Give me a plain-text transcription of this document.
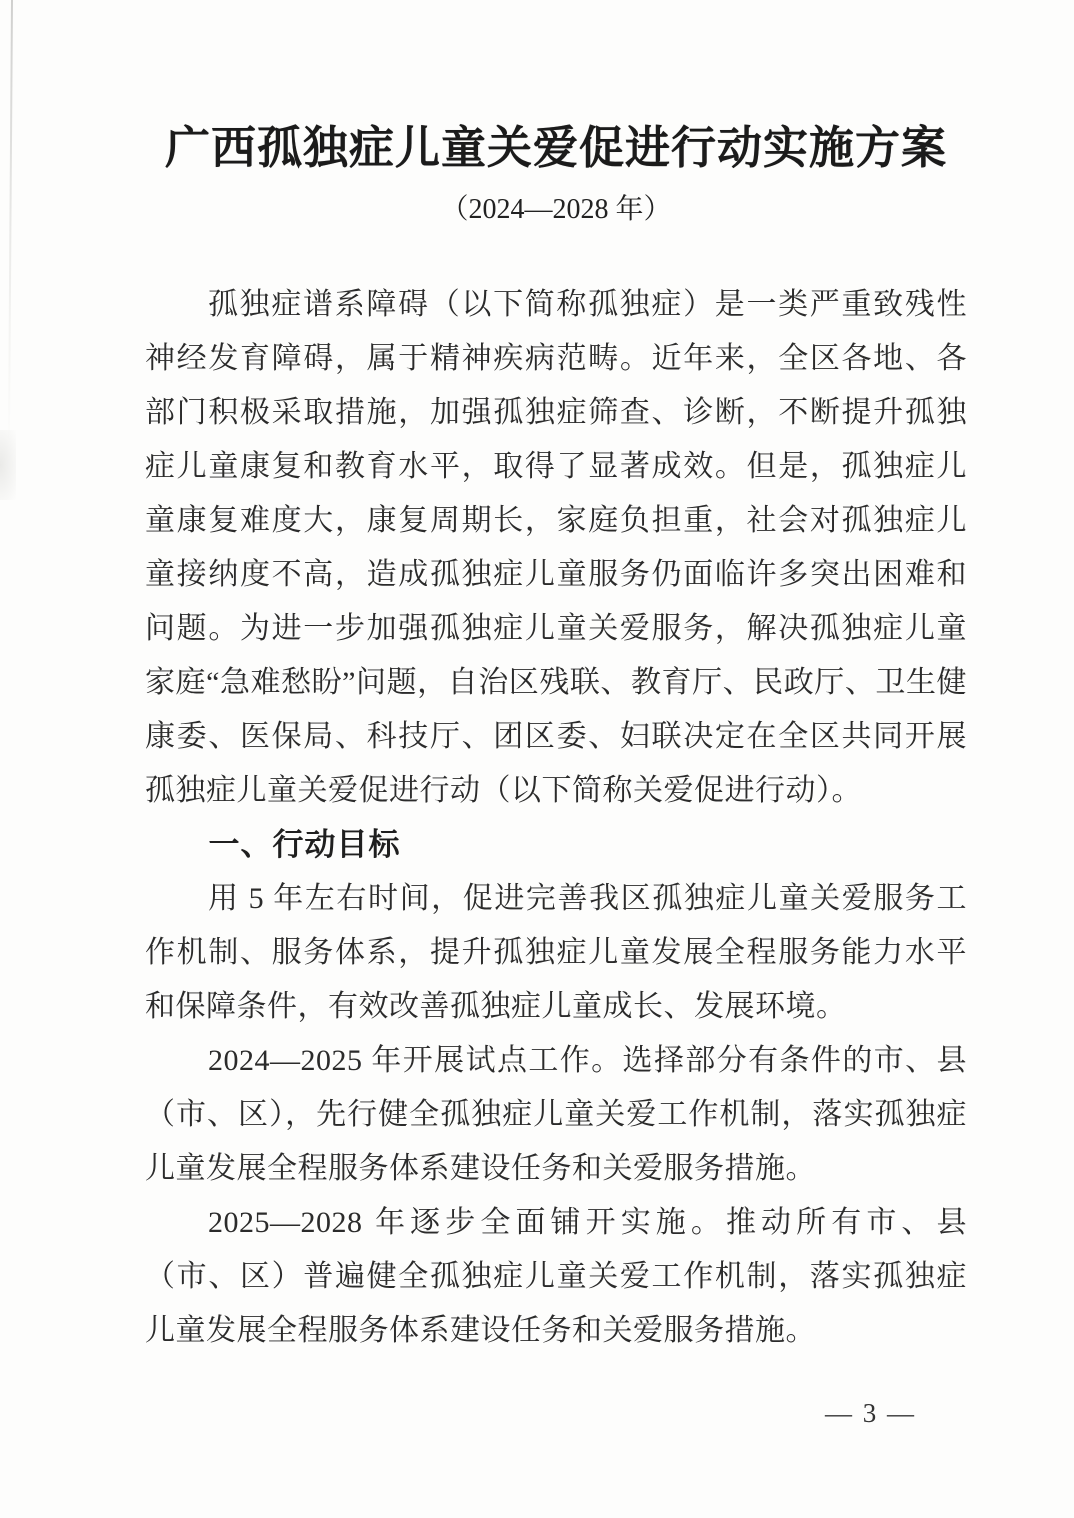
广西孤独症儿童关爱促进行动实施方案
（2024—2028 年）

孤独症谱系障碍（以下简称孤独症）是一类严重致残性神经发育障碍，属于精神疾病范畴。近年来，全区各地、各部门积极采取措施，加强孤独症筛查、诊断，不断提升孤独症儿童康复和教育水平，取得了显著成效。但是，孤独症儿童康复难度大，康复周期长，家庭负担重，社会对孤独症儿童接纳度不高，造成孤独症儿童服务仍面临许多突出困难和问题。为进一步加强孤独症儿童关爱服务，解决孤独症儿童家庭“急难愁盼”问题，自治区残联、教育厅、民政厅、卫生健康委、医保局、科技厅、团区委、妇联决定在全区共同开展孤独症儿童关爱促进行动（以下简称关爱促进行动）。

一、行动目标

用 5 年左右时间，促进完善我区孤独症儿童关爱服务工作机制、服务体系，提升孤独症儿童发展全程服务能力水平和保障条件，有效改善孤独症儿童成长、发展环境。

2024—2025 年开展试点工作。选择部分有条件的市、县（市、区），先行健全孤独症儿童关爱工作机制，落实孤独症儿童发展全程服务体系建设任务和关爱服务措施。

2025—2028 年逐步全面铺开实施。推动所有市、县（市、区）普遍健全孤独症儿童关爱工作机制，落实孤独症儿童发展全程服务体系建设任务和关爱服务措施。

— 3 —
